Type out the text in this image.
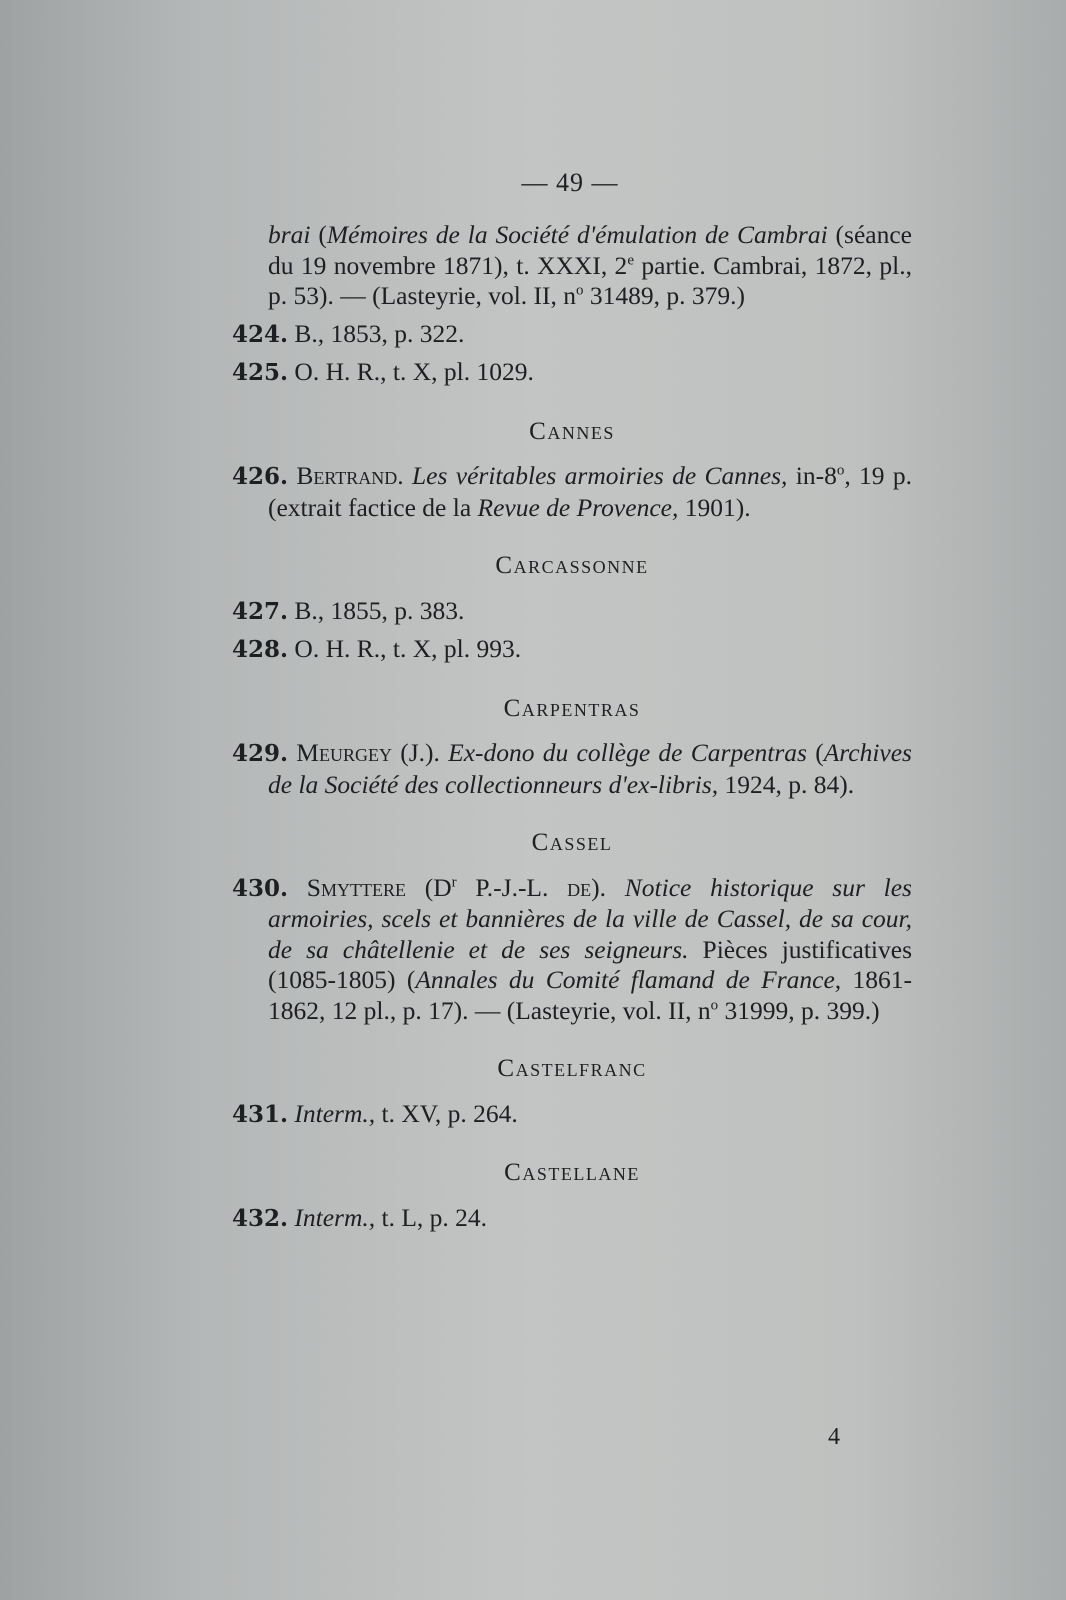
— 49 —
brai (Mémoires de la Société d'émulation de Cambrai (séance du 19 novembre 1871), t. XXXI, 2e partie. Cambrai, 1872, pl., p. 53). — (Lasteyrie, vol. II, $n^o$ 31489, p. 379.)
424. B., 1853, p. 322.
425. O. H. R., t. X, pl. 1029.
Cannes
426. Bertrand. Les véritables armoiries de Cannes, in-8$^o$, 19 p. (extrait factice de la Revue de Provence, 1901).
Carcassonne
427. B., 1855, p. 383.
428. O. H. R., t. X, pl. 993.
Carpentras
429. Meurgey (J.). Ex-dono du collège de Carpentras (Archives de la Société des collectionneurs d'ex-libris, 1924, p. 84).
Cassel
430. Smyttere ($D^r$ P.-J.-L. de). Notice historique sur les armoiries, scels et bannières de la ville de Cassel, de sa cour, de sa châtellenie et de ses seigneurs. Pièces justificatives (1085-1805) (Annales du Comité flamand de France, 1861-1862, 12 pl., p. 17). — (Lasteyrie, vol. II, $n^o$ 31999, p. 399.)
Castelfranc
431. Interm., t. XV, p. 264.
Castellane
432. Interm., t. L, p. 24.
4
